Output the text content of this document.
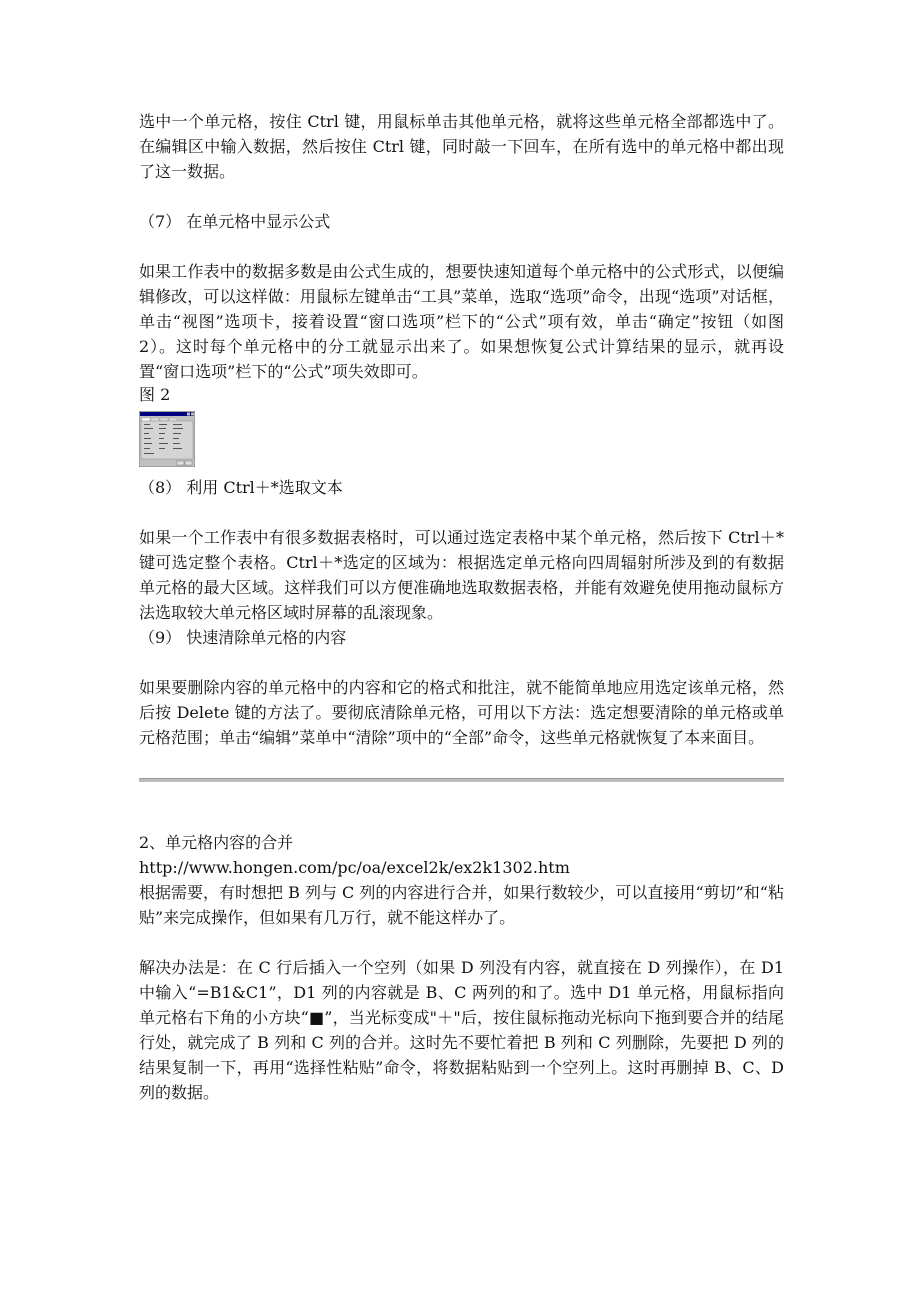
选中一个单元格，按住 Ctrl 键，用鼠标单击其他单元格，就将这些单元格全部都选中了。在编辑区中输入数据，然后按住 Ctrl 键，同时敲一下回车，在所有选中的单元格中都出现了这一数据。

（7） 在单元格中显示公式

如果工作表中的数据多数是由公式生成的，想要快速知道每个单元格中的公式形式，以便编辑修改，可以这样做：用鼠标左键单击“工具”菜单，选取“选项”命令，出现“选项”对话框，单击“视图”选项卡，接着设置“窗口选项”栏下的“公式”项有效，单击“确定”按钮（如图 2）。这时每个单元格中的分工就显示出来了。如果想恢复公式计算结果的显示，就再设置“窗口选项”栏下的“公式”项失效即可。

图 2

（8） 利用 Ctrl＋*选取文本

如果一个工作表中有很多数据表格时，可以通过选定表格中某个单元格，然后按下 Ctrl＋*键可选定整个表格。Ctrl＋*选定的区域为：根据选定单元格向四周辐射所涉及到的有数据单元格的最大区域。这样我们可以方便准确地选取数据表格，并能有效避免使用拖动鼠标方法选取较大单元格区域时屏幕的乱滚现象。

（9） 快速清除单元格的内容

如果要删除内容的单元格中的内容和它的格式和批注，就不能简单地应用选定该单元格，然后按 Delete 键的方法了。要彻底清除单元格，可用以下方法：选定想要清除的单元格或单元格范围；单击“编辑”菜单中“清除”项中的“全部”命令，这些单元格就恢复了本来面目。

2、单元格内容的合并

http://www.hongen.com/pc/oa/excel2k/ex2k1302.htm

根据需要，有时想把 B 列与 C 列的内容进行合并，如果行数较少，可以直接用“剪切”和“粘贴”来完成操作，但如果有几万行，就不能这样办了。

解决办法是：在 C 行后插入一个空列（如果 D 列没有内容，就直接在 D 列操作），在 D1 中输入“=B1&C1”，D1 列的内容就是 B、C 两列的和了。选中 D1 单元格，用鼠标指向单元格右下角的小方块“■”，当光标变成"＋"后，按住鼠标拖动光标向下拖到要合并的结尾行处，就完成了 B 列和 C 列的合并。这时先不要忙着把 B 列和 C 列删除，先要把 D 列的结果复制一下，再用“选择性粘贴”命令，将数据粘贴到一个空列上。这时再删掉 B、C、D 列的数据。
